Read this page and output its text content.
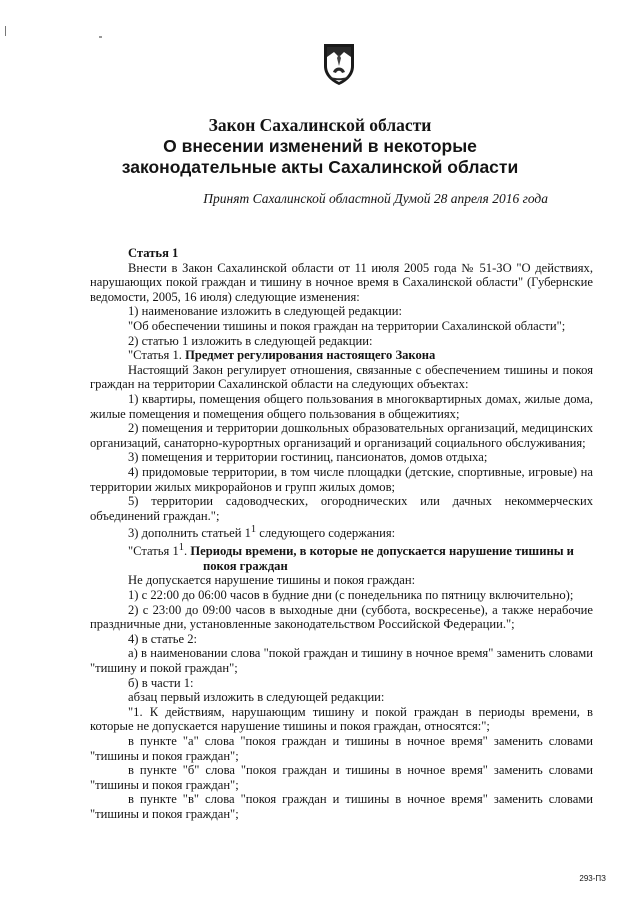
Закон Сахалинской области
О внесении изменений в некоторые
законодательные акты Сахалинской области
Принят Сахалинской областной Думой 28 апреля 2016 года

Статья 1

Внести в Закон Сахалинской области от 11 июля 2005 года № 51-ЗО "О действиях, нарушающих покой граждан и тишину в ночное время в Сахалинской области" (Губернские ведомости, 2005, 16 июля) следующие изменения:

1) наименование изложить в следующей редакции:

"Об обеспечении тишины и покоя граждан на территории Сахалинской области";

2) статью 1 изложить в следующей редакции:

"Статья 1. Предмет регулирования настоящего Закона

Настоящий Закон регулирует отношения, связанные с обеспечением тишины и покоя граждан на территории Сахалинской области на следующих объектах:

1) квартиры, помещения общего пользования в многоквартирных домах, жилые дома, жилые помещения и помещения общего пользования в общежитиях;

2) помещения и территории дошкольных образовательных организаций, медицинских организаций, санаторно-курортных организаций и организаций социального обслуживания;

3) помещения и территории гостиниц, пансионатов, домов отдыха;

4) придомовые территории, в том числе площадки (детские, спортивные, игровые) на территории жилых микрорайонов и групп жилых домов;

5) территории садоводческих, огороднических или дачных некоммерческих объединений граждан.";

3) дополнить статьей $1^1$ следующего содержания:

"Статья $1^1$. Периоды времени, в которые не допускается нарушение тишины и

покоя граждан

Не допускается нарушение тишины и покоя граждан:

1) с 22:00 до 06:00 часов в будние дни (с понедельника по пятницу включительно);

2) с 23:00 до 09:00 часов в выходные дни (суббота, воскресенье), а также нерабочие праздничные дни, установленные законодательством Российской Федерации.";

4) в статье 2:

а) в наименовании слова "покой граждан и тишину в ночное время" заменить словами "тишину и покой граждан";

б) в части 1:

абзац первый изложить в следующей редакции:

"1. К действиям, нарушающим тишину и покой граждан в периоды времени, в которые не допускается нарушение тишины и покоя граждан, относятся:";

в пункте "а" слова "покоя граждан и тишины в ночное время" заменить словами "тишины и покоя граждан";

в пункте "б" слова "покоя граждан и тишины в ночное время" заменить словами "тишины и покоя граждан";

в пункте "в" слова "покоя граждан и тишины в ночное время" заменить словами "тишины и покоя граждан";

293-ПЗ
